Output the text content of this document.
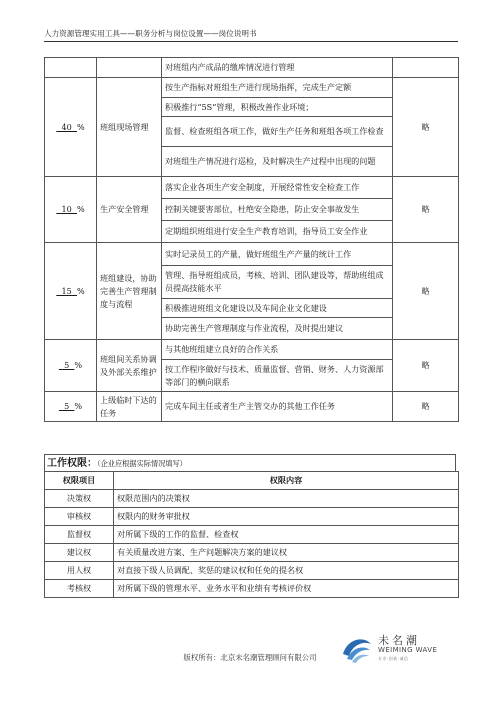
人力资源管理实用工具——职务分析与岗位设置——岗位说明书
		对班组内产成品的缴库情况进行管理	
40  %	班组现场管理	按生产指标对班组生产进行现场指挥，完成生产定额	略
		积极推行“5S”管理，积极改善作业环境；	
		监督、检查班组各项工作，做好生产任务和班组各项工作检查	
		对班组生产情况进行巡检，及时解决生产过程中出现的问题	
10  %	生产安全管理	落实企业各项生产安全制度，开展经常性安全检查工作	略
		控制关键要害部位，杜绝安全隐患，防止安全事故发生	
		定期组织班组进行安全生产教育培训，指导员工安全作业	
15  %	班组建设，协助完善生产管理制度与流程	实时记录员工的产量，做好班组生产产量的统计工作	略
		管理、指导班组成员，考核、培训、团队建设等，帮助班组成员提高技能水平	
		积极推进班组文化建设以及车间企业文化建设	
		协助完善生产管理制度与作业流程，及时提出建议	
5  %	班组间关系协调及外部关系维护	与其他班组建立良好的合作关系	略
		按工作程序做好与技术、质量监督、营销、财务、人力资源部等部门的横向联系	
5  %	上级临时下达的任务	完成车间主任或者生产主管交办的其他工作任务	略
工作权限：（企业应根据实际情况填写）
权限项目	权限内容
决策权	权限范围内的决策权
审核权	权限内的财务审批权
监督权	对所属下级的工作的监督、检查权
建议权	有关质量改进方案、生产问题解决方案的建议权
用人权	对直接下级人员调配、奖惩的建议权和任免的提名权
考核权	对所属下级的管理水平、业务水平和业绩有考核评价权
未名潮
WEIMING WAVE
专业·创新·诚信
版权所有：北京未名潮管理顾问有限公司
